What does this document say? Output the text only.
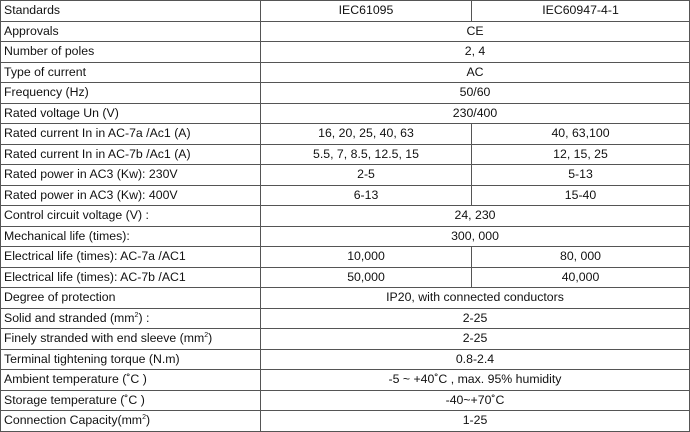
Standards	IEC61095	IEC60947-4-1
Approvals	CE	
Number of poles	2, 4	
Type of current	AC	
Frequency (Hz)	50/60	
Rated voltage Un (V)	230/400	
Rated current In in AC-7a /Ac1 (A)	16, 20, 25, 40, 63	40, 63,100
Rated current In in AC-7b /Ac1 (A)	5.5, 7, 8.5, 12.5, 15	12, 15, 25
Rated power in AC3 (Kw): 230V	2-5	5-13
Rated power in AC3 (Kw): 400V	6-13	15-40
Control circuit voltage (V) :	24, 230	
Mechanical life (times):	300, 000	
Electrical life (times): AC-7a /AC1	10,000	80, 000
Electrical life (times): AC-7b /AC1	50,000	40,000
Degree of protection	IP20, with connected conductors	
Solid and stranded $(mm^2)$ :	2-25	
Finely stranded with end sleeve $(mm^2)$	2-25	
Terminal tightening torque (N.m)	0.8-2.4	
Ambient temperature (˚C )	-5 ~ +40˚C , max. 95% humidity	
Storage temperature (˚C )	-40~+70˚C	
Connection $Capacity(mm^2)$	1-25	
